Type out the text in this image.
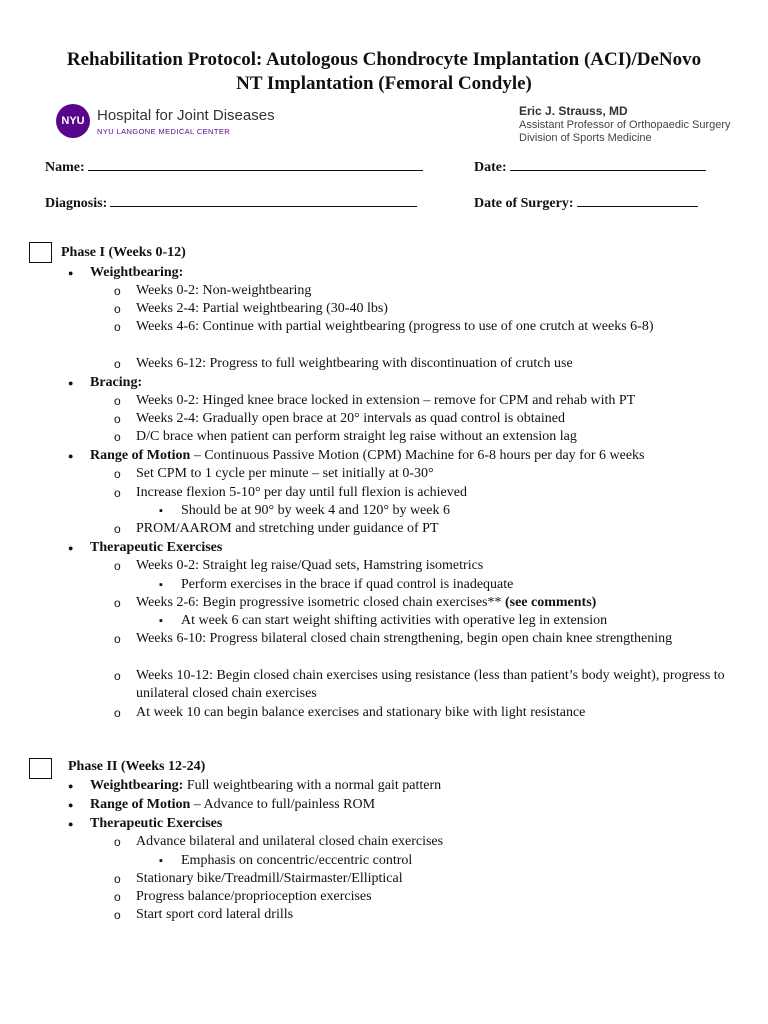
Rehabilitation Protocol: Autologous Chondrocyte Implantation (ACI)/DeNovo
NT Implantation (Femoral Condyle)
NYU Hospital for Joint Diseases
NYU LANGONE MEDICAL CENTER
Eric J. Strauss, MD
Assistant Professor of Orthopaedic Surgery
Division of Sports Medicine
Name:	Date:
Diagnosis:	Date of Surgery:
Phase I (Weeks 0-12)
● Weightbearing:
o Weeks 0-2: Non-weightbearing
o Weeks 2-4: Partial weightbearing (30-40 lbs)
o Weeks 4-6: Continue with partial weightbearing (progress to use of one crutch at weeks 6-8)
o Weeks 6-12: Progress to full weightbearing with discontinuation of crutch use
● Bracing:
o Weeks 0-2: Hinged knee brace locked in extension – remove for CPM and rehab with PT
o Weeks 2-4: Gradually open brace at 20° intervals as quad control is obtained
o D/C brace when patient can perform straight leg raise without an extension lag
● Range of Motion – Continuous Passive Motion (CPM) Machine for 6-8 hours per day for 6 weeks
o Set CPM to 1 cycle per minute – set initially at 0-30°
o Increase flexion 5-10° per day until full flexion is achieved
▪ Should be at 90° by week 4 and 120° by week 6
o PROM/AAROM and stretching under guidance of PT
● Therapeutic Exercises
o Weeks 0-2: Straight leg raise/Quad sets, Hamstring isometrics
▪ Perform exercises in the brace if quad control is inadequate
o Weeks 2-6: Begin progressive isometric closed chain exercises** (see comments)
▪ At week 6 can start weight shifting activities with operative leg in extension
o Weeks 6-10: Progress bilateral closed chain strengthening, begin open chain knee strengthening
o Weeks 10-12: Begin closed chain exercises using resistance (less than patient’s body weight), progress to unilateral closed chain exercises
o At week 10 can begin balance exercises and stationary bike with light resistance
Phase II (Weeks 12-24)
● Weightbearing: Full weightbearing with a normal gait pattern
● Range of Motion – Advance to full/painless ROM
● Therapeutic Exercises
o Advance bilateral and unilateral closed chain exercises
▪ Emphasis on concentric/eccentric control
o Stationary bike/Treadmill/Stairmaster/Elliptical
o Progress balance/proprioception exercises
o Start sport cord lateral drills
